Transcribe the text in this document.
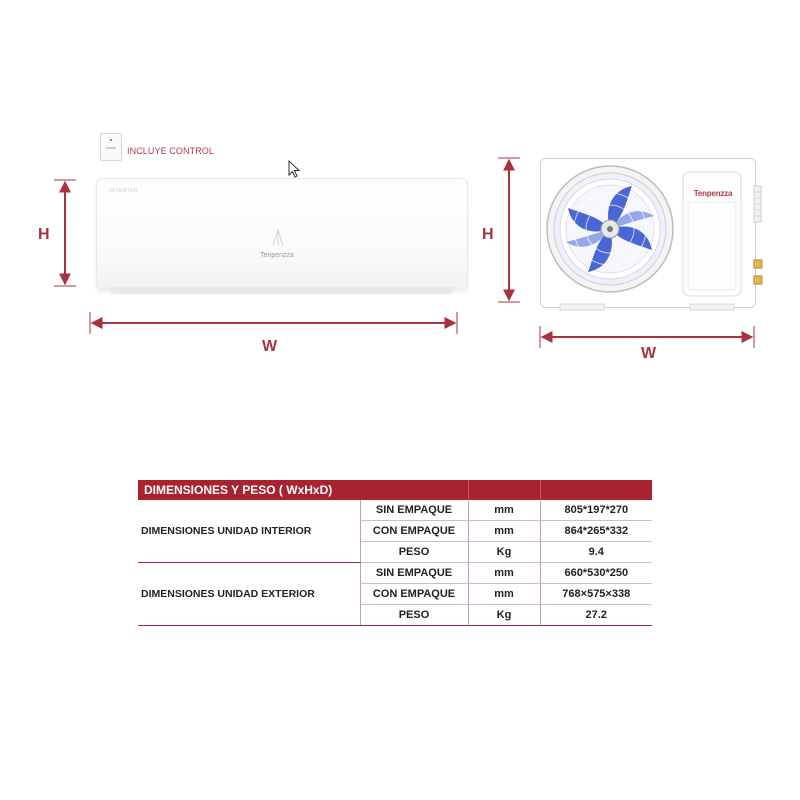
INCLUYE CONTROL
INVERTER
Tenpenzza
H
W
Tenpenzza
H
W
DIMENSIONES Y PESO ( WxHxD)			
DIMENSIONES UNIDAD INTERIOR	SIN EMPAQUE	mm	805*197*270
	CON EMPAQUE	mm	864*265*332
	PESO	Kg	9.4
DIMENSIONES UNIDAD EXTERIOR	SIN EMPAQUE	mm	660*530*250
	CON EMPAQUE	mm	768×575×338
	PESO	Kg	27.2
